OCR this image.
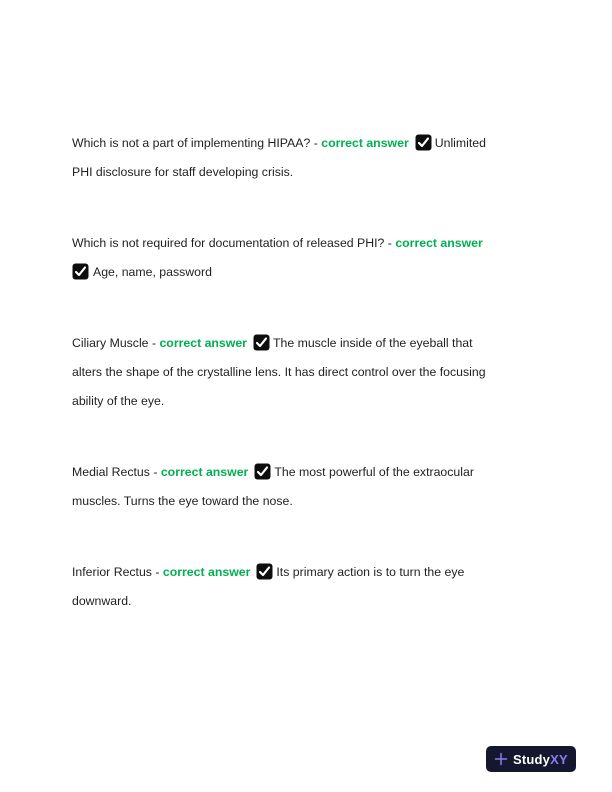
Which is not a part of implementing HIPAA? - correct answer Unlimited
PHI disclosure for staff developing crisis.
Which is not required for documentation of released PHI? - correct answer
Age, name, password
Ciliary Muscle - correct answer The muscle inside of the eyeball that
alters the shape of the crystalline lens. It has direct control over the focusing
ability of the eye.
Medial Rectus - correct answer The most powerful of the extraocular
muscles. Turns the eye toward the nose.
Inferior Rectus - correct answer Its primary action is to turn the eye
downward.
StudyXY
